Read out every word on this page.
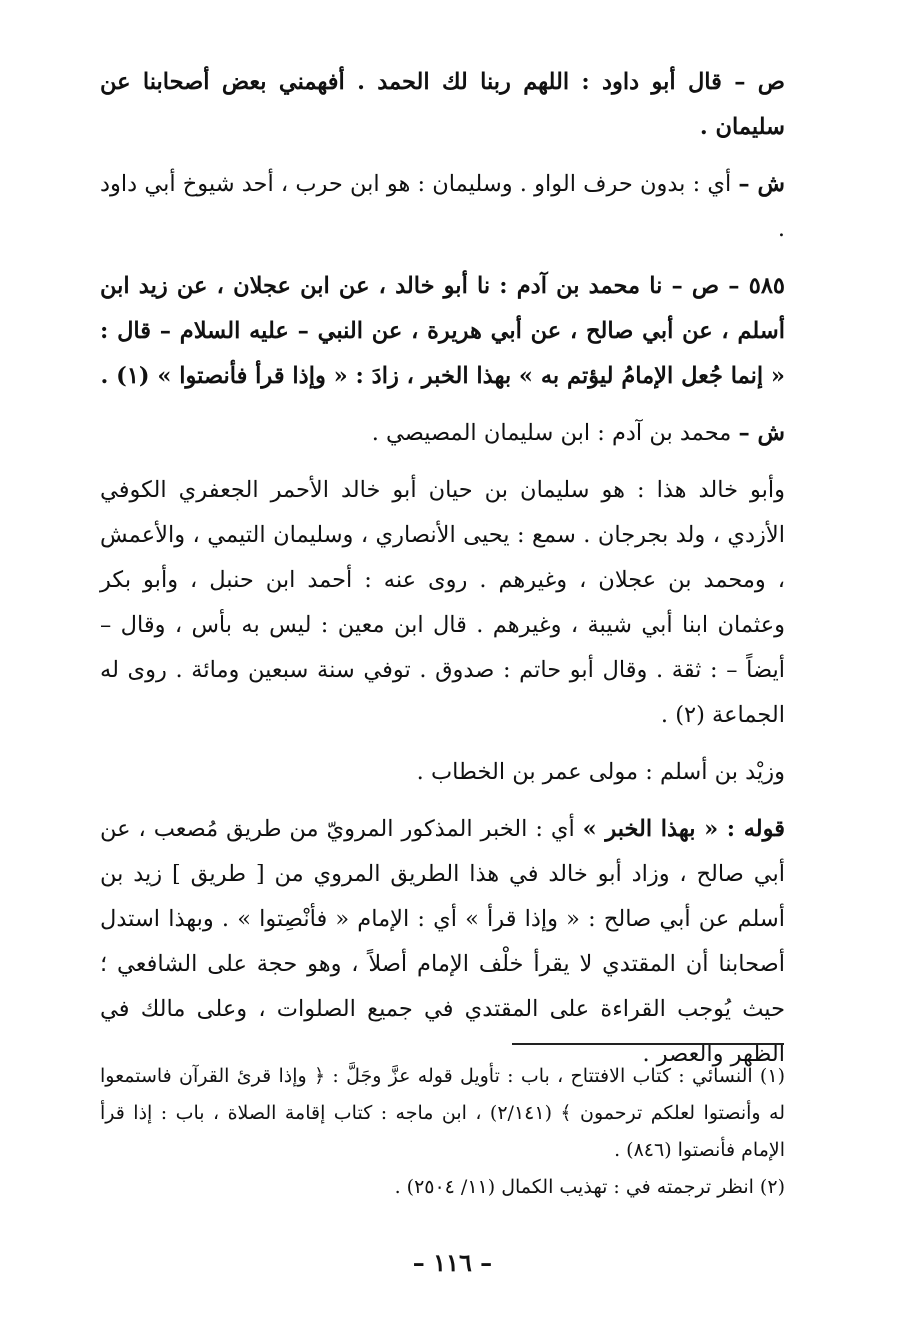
ص – قال أبو داود : اللهم ربنا لك الحمد . أفهمني بعض أصحابنا عن سليمان .

ش – أي : بدون حرف الواو . وسليمان : هو ابن حرب ، أحد شيوخ أبي داود .

٥٨٥ – ص – نا محمد بن آدم : نا أبو خالد ، عن ابن عجلان ، عن زيد ابن أسلم ، عن أبي صالح ، عن أبي هريرة ، عن النبي – عليه السلام – قال : « إنما جُعل الإمامُ ليؤتم به » بهذا الخبر ، زادَ : « وإذا قرأ فأنصتوا » (١) .

ش – محمد بن آدم : ابن سليمان المصيصي .

وأبو خالد هذا : هو سليمان بن حيان أبو خالد الأحمر الجعفري الكوفي الأزدي ، ولد بجرجان . سمع : يحيى الأنصاري ، وسليمان التيمي ، والأعمش ، ومحمد بن عجلان ، وغيرهم . روى عنه : أحمد ابن حنبل ، وأبو بكر وعثمان ابنا أبي شيبة ، وغيرهم . قال ابن معين : ليس به بأس ، وقال – أيضاً – : ثقة . وقال أبو حاتم : صدوق . توفي سنة سبعين ومائة . روى له الجماعة (٢) .

وزيْد بن أسلم : مولى عمر بن الخطاب .

قوله : « بهذا الخبر » أي : الخبر المذكور المرويّ من طريق مُصعب ، عن أبي صالح ، وزاد أبو خالد في هذا الطريق المروي من [ طريق ] زيد بن أسلم عن أبي صالح : « وإذا قرأ » أي : الإمام « فأنْصِتوا » . وبهذا استدل أصحابنا أن المقتدي لا يقرأ خلْف الإمام أصلاً ، وهو حجة على الشافعي ؛ حيث يُوجب القراءة على المقتدي في جميع الصلوات ، وعلى مالك في الظهر والعصر .

(١) النسائي : كتاب الافتتاح ، باب : تأويل قوله عزَّ وجَلَّ : ﴿ وإذا قرئ القرآن فاستمعوا له وأنصتوا لعلكم ترحمون ﴾ (٢/١٤١) ، ابن ماجه : كتاب إقامة الصلاة ، باب : إذا قرأ الإمام فأنصتوا (٨٤٦) .

(٢) انظر ترجمته في : تهذيب الكمال (١١/ ٢٥٠٤) .

– ١١٦ –
